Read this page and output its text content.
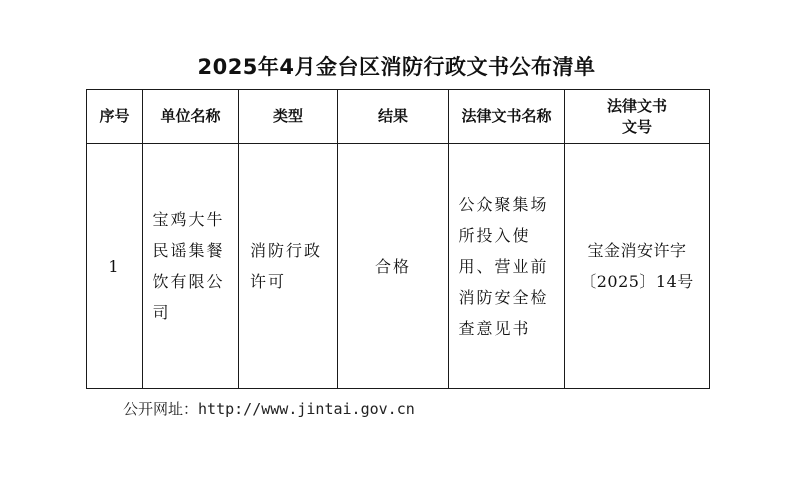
2025年4月金台区消防行政文书公布清单
序号	单位名称	类型	结果	法律文书名称	法律文书文号
1	宝鸡大牛民谣集餐饮有限公司	消防行政许可	合格	公众聚集场所投入使用、营业前消防安全检查意见书	宝金消安许字〔2025〕14号
公开网址：http://www.jintai.gov.cn
